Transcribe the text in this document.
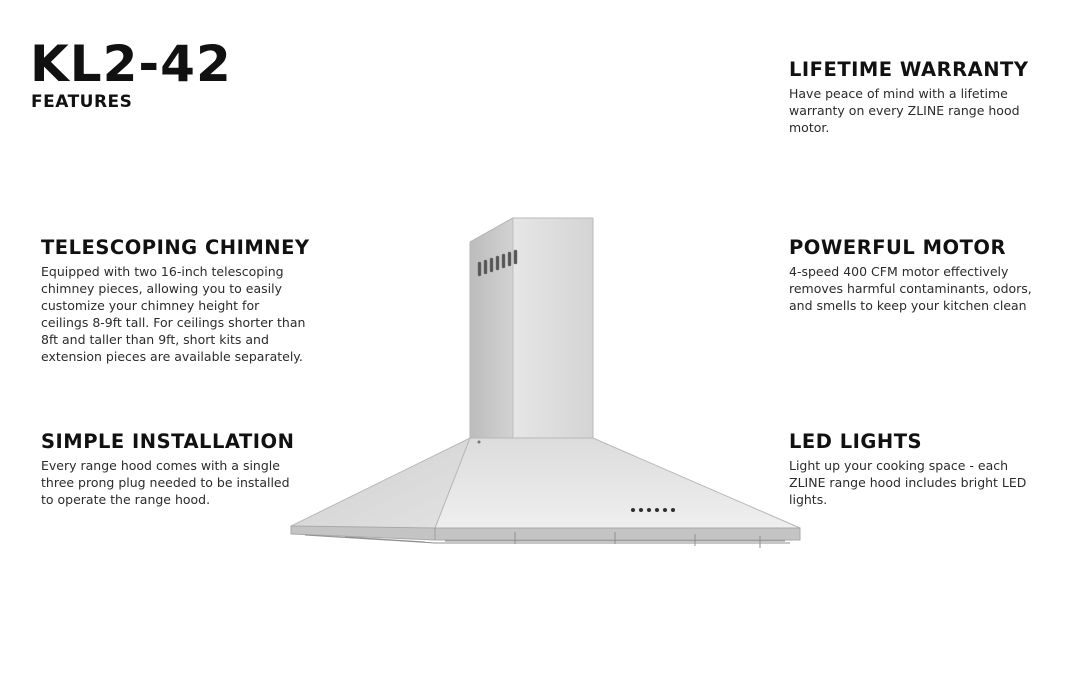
KL2-42
FEATURES
TELESCOPING CHIMNEY

Equipped with two 16-inch telescoping chimney pieces, allowing you to easily customize your chimney height for ceilings 8-9ft tall. For ceilings shorter than 8ft and taller than 9ft, short kits and extension pieces are available separately.

SIMPLE INSTALLATION

Every range hood comes with a single three prong plug needed to be installed to operate the range hood.

LIFETIME WARRANTY

Have peace of mind with a lifetime warranty on every ZLINE range hood motor.

POWERFUL MOTOR

4-speed 400 CFM motor effectively removes harmful contaminants, odors, and smells to keep your kitchen clean

LED LIGHTS

Light up your cooking space - each ZLINE range hood includes bright LED lights.
